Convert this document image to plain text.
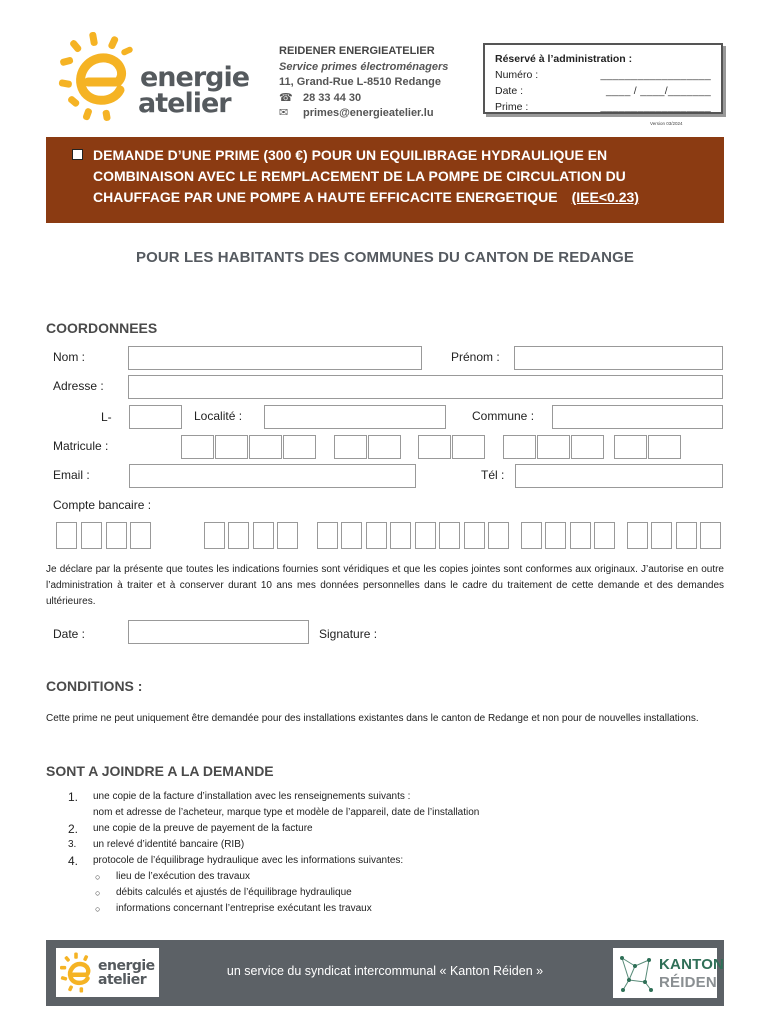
energie
atelier
REIDENER ENERGIEATELIER
Service primes électroménagers
11, Grand-Rue L-8510 Redange
☎ 28 33 44 30
✉	primes@energieatelier.lu
Réservé à l’administration :
Numéro :	__________________
Date :	____ / ____/_______
Prime :	__________________
Version 03/2024
DEMANDE D’UNE PRIME (300 €) POUR UN EQUILIBRAGE HYDRAULIQUE EN
COMBINAISON AVEC LE REMPLACEMENT DE LA POMPE DE CIRCULATION DU
CHAUFFAGE PAR UNE POMPE A HAUTE EFFICACITE ENERGETIQUE (IEE<0.23)
POUR LES HABITANTS DES COMMUNES DU CANTON DE REDANGE
COORDONNEES
Nom :	Prénom :
Adresse :
L-	Localité :	Commune :
Matricule :
Email :	Tél :
Compte bancaire :
Je déclare par la présente que toutes les indications fournies sont véridiques et que les copies jointes sont conformes aux originaux. J’autorise en outre l’administration à traiter et à conserver durant 10 ans mes données personnelles dans le cadre du traitement de cette demande et des demandes ultérieures.
Date :	Signature :
CONDITIONS :
Cette prime ne peut uniquement être demandée pour des installations existantes dans le canton de Redange et non pour de nouvelles installations.
SONT A JOINDRE A LA DEMANDE
1.	une copie de la facture d’installation avec les renseignements suivants :
nom et adresse de l’acheteur, marque type et modèle de l’appareil, date de l’installation
2.	une copie de la preuve de payement de la facture
3.	un relevé d’identité bancaire (RIB)
4.	protocole de l’équilibrage hydraulique avec les informations suivantes:
○	lieu de l’exécution des travaux
○	débits calculés et ajustés de l’équilibrage hydraulique
○	informations concernant l’entreprise exécutant les travaux
energie
atelier
un service du syndicat intercommunal « Kanton Réiden »	KANTON
RÉIDEN
